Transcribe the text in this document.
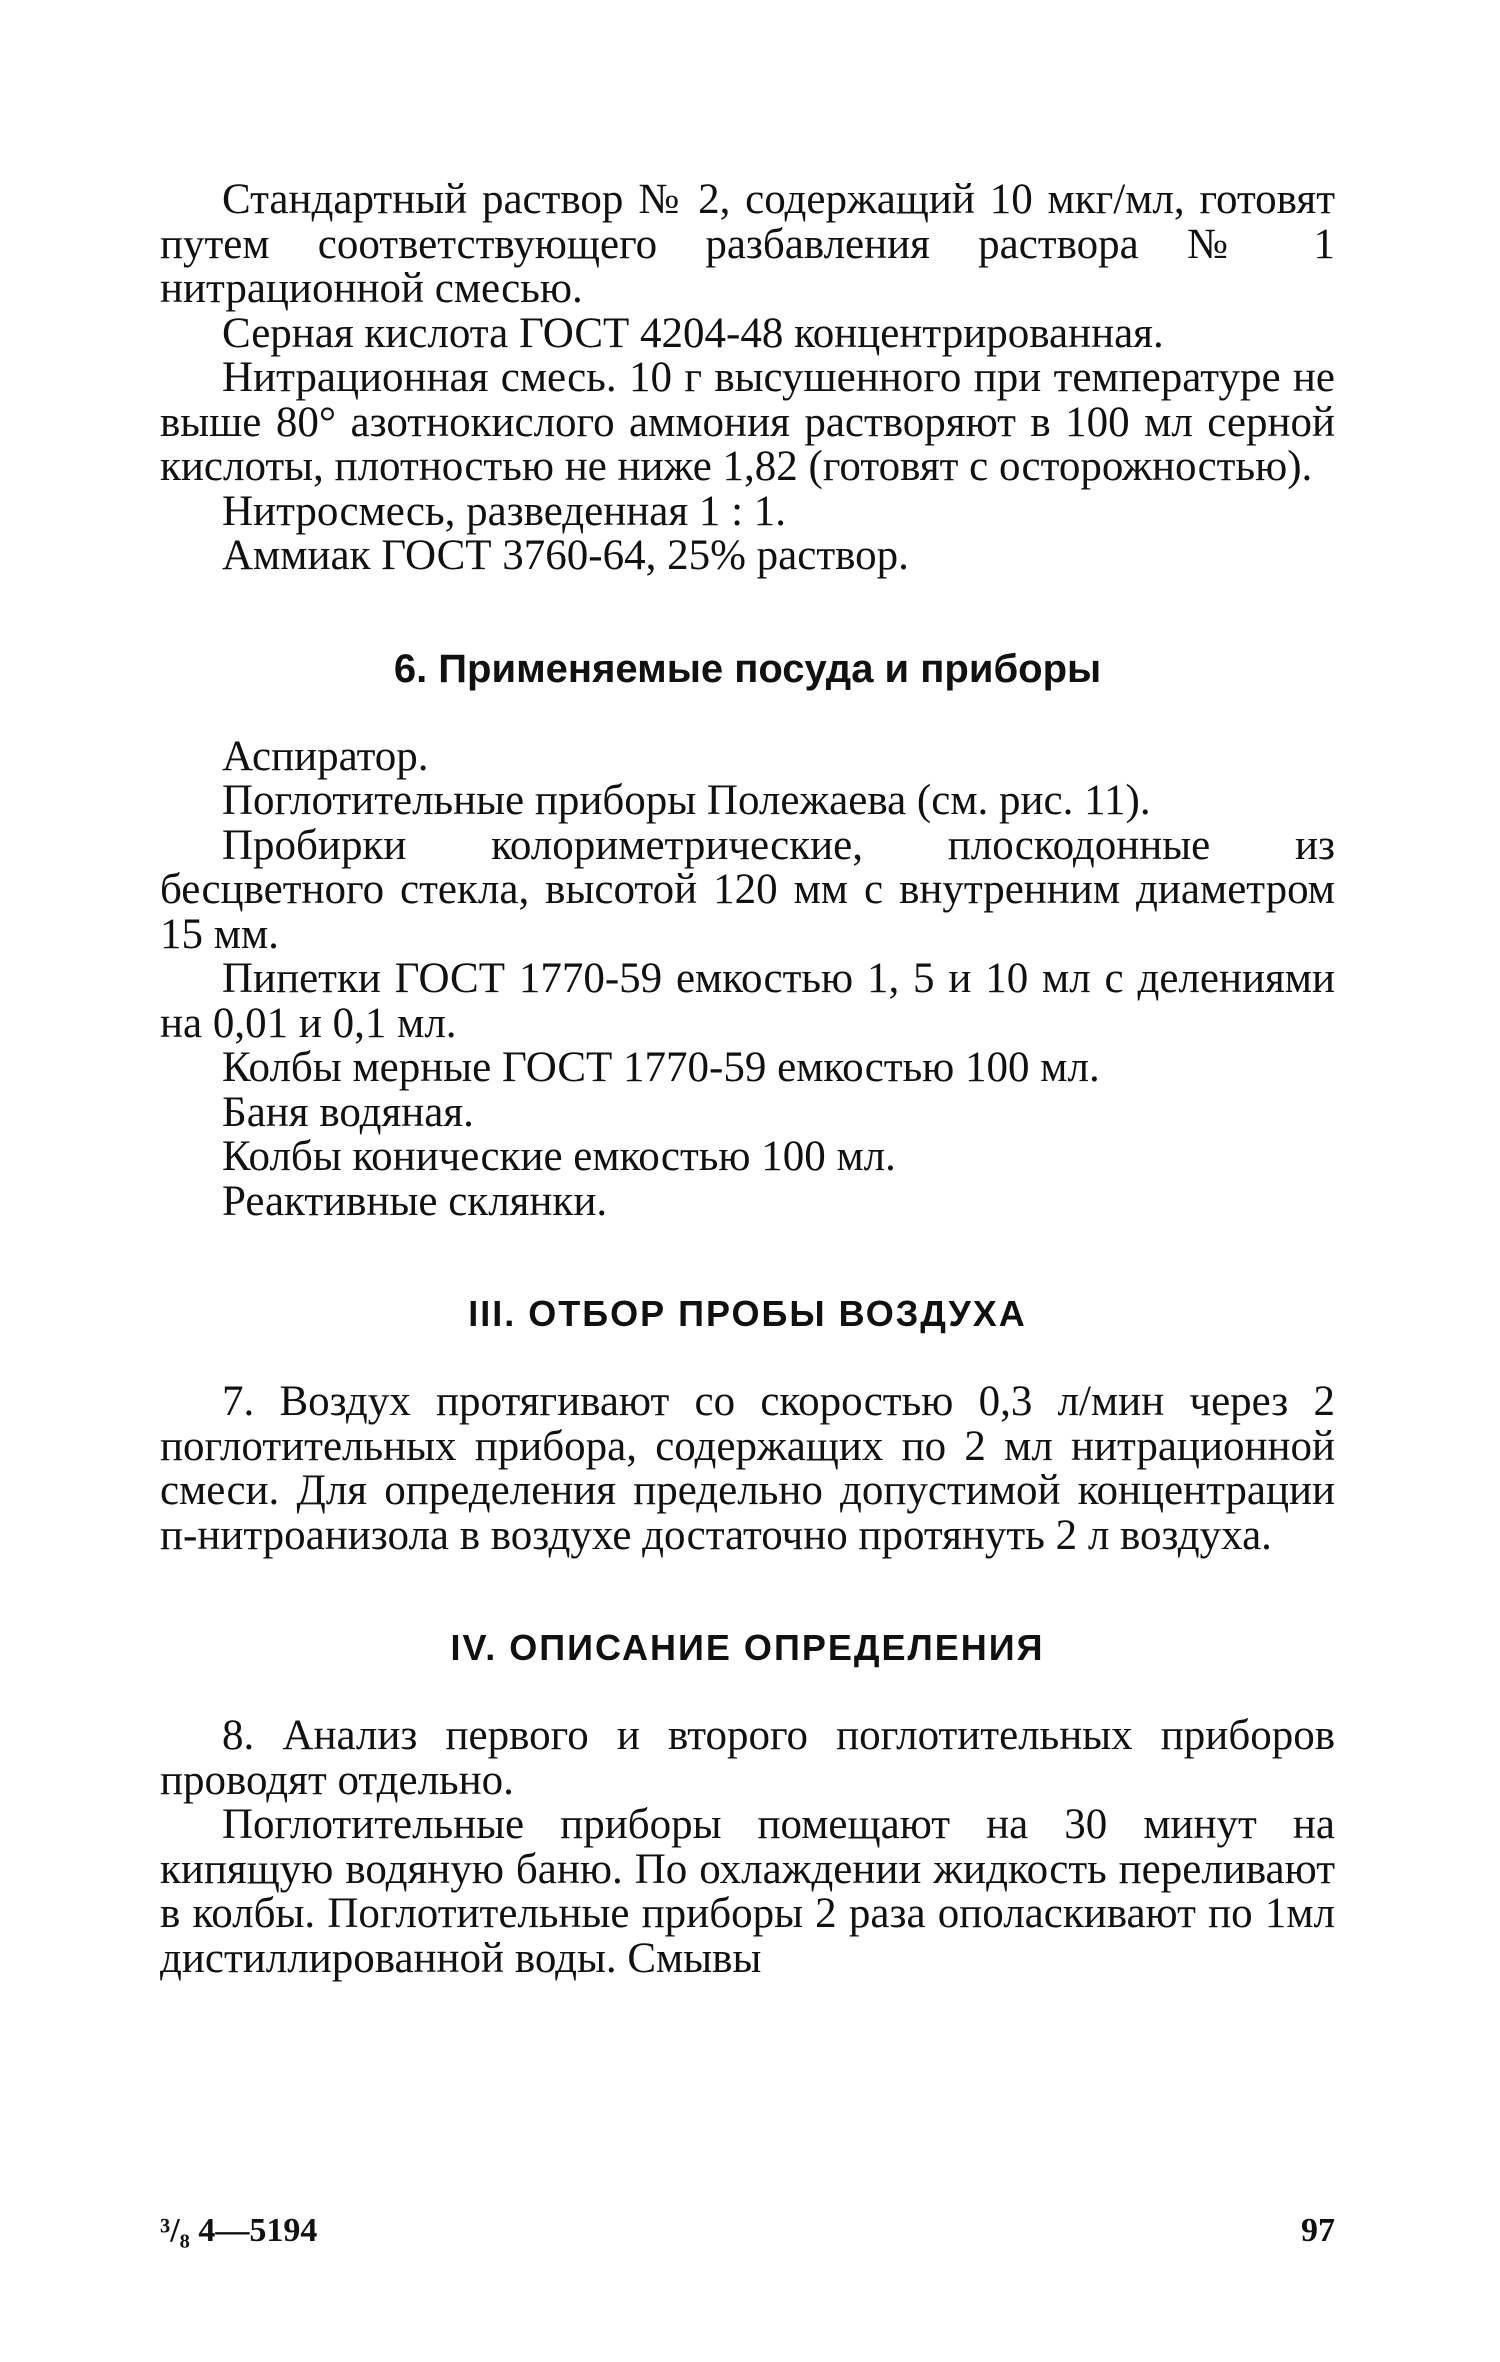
Стандартный раствор № 2, содержащий 10 мкг/мл, готовят путем соответствующего разбавления раствора № 1 нитрационной смесью.

Серная кислота ГОСТ 4204-48 концентрированная.

Нитрационная смесь. 10 г высушенного при температуре не выше 80° азотнокислого аммония растворяют в 100 мл серной кислоты, плотностью не ниже 1,82 (готовят с осторожностью).

Нитросмесь, разведенная 1 : 1.

Аммиак ГОСТ 3760-64, 25% раствор.

6. Применяемые посуда и приборы

Аспиратор.

Поглотительные приборы Полежаева (см. рис. 11).

Пробирки колориметрические, плоскодонные из бесцветного стекла, высотой 120 мм с внутренним диаметром 15 мм.

Пипетки ГОСТ 1770-59 емкостью 1, 5 и 10 мл с делениями на 0,01 и 0,1 мл.

Колбы мерные ГОСТ 1770-59 емкостью 100 мл.

Баня водяная.

Колбы конические емкостью 100 мл.

Реактивные склянки.

III. ОТБОР ПРОБЫ ВОЗДУХА

7. Воздух протягивают со скоростью 0,3 л/мин через 2 поглотительных прибора, содержащих по 2 мл нитрационной смеси. Для определения предельно допустимой концентрации п-нитроанизола в воздухе достаточно протянуть 2 л воздуха.

IV. ОПИСАНИЕ ОПРЕДЕЛЕНИЯ

8. Анализ первого и второго поглотительных приборов проводят отдельно.

Поглотительные приборы помещают на 30 минут на кипящую водяную баню. По охлаждении жидкость переливают в колбы. Поглотительные приборы 2 раза ополаскивают по 1мл дистиллированной воды. Смывы

³/₈ 4—5194	97
